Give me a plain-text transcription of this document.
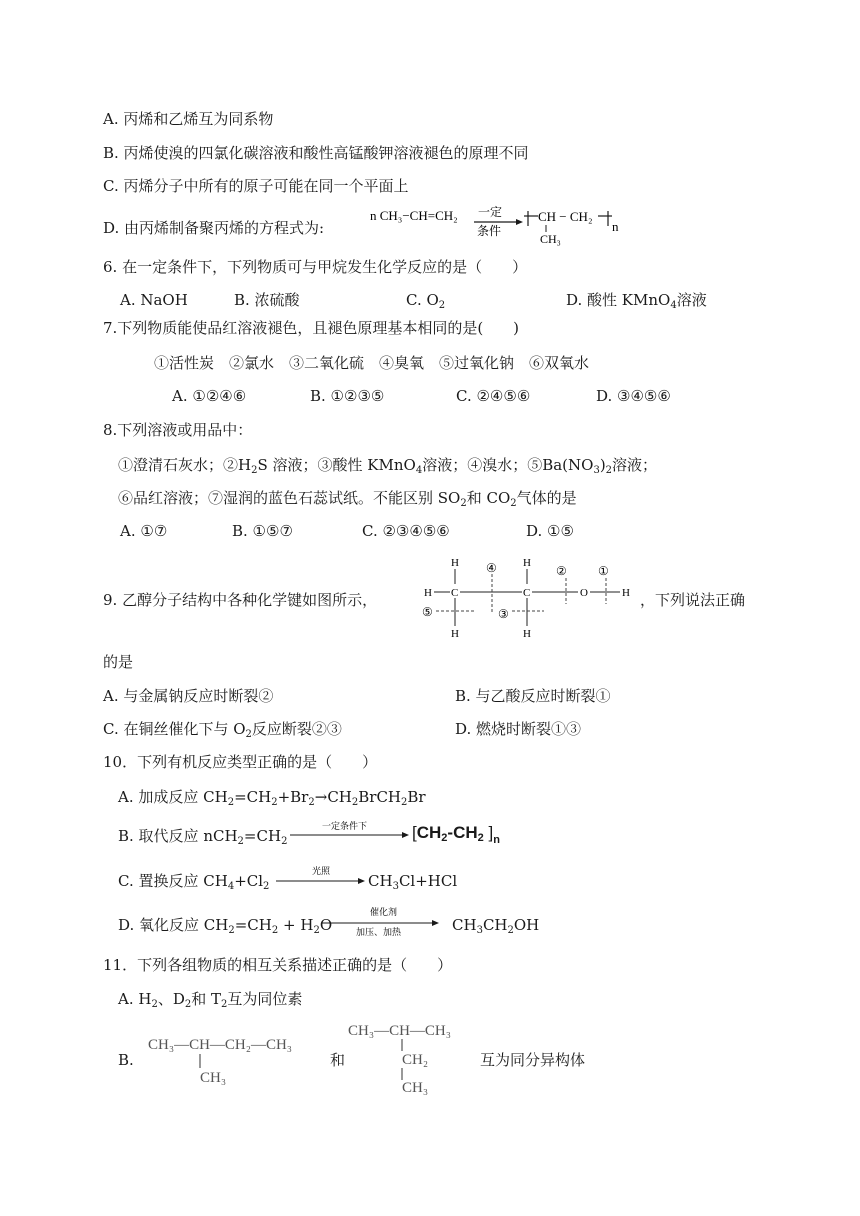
A. 丙烯和乙烯互为同系物
B. 丙烯使溴的四氯化碳溶液和酸性高锰酸钾溶液褪色的原理不同
C. 丙烯分子中所有的原子可能在同一个平面上
D. 由丙烯制备聚丙烯的方程式为:
n CH₃−CH=CH₂ 一定
条件
CH − CH₂
CH₃
n
6. 在一定条件下，下列物质可与甲烷发生化学反应的是（　　）
A. NaOH	B. 浓硫酸	C. $O_2$	D. 酸性 KMnO$_4$溶液
7.下列物质能使品红溶液褪色，且褪色原理基本相同的是(　　)
①活性炭　②氯水　③二氧化硫　④臭氧　⑤过氧化钠　⑥双氧水
A. ①②④⑥	B. ①②③⑤	C. ②④⑤⑥	D. ③④⑤⑥
8.下列溶液或用品中：
①澄清石灰水；$②H_2S$ 溶液；③酸性 KMnO$_4$溶液；④溴水；$⑤Ba(NO_3)_2$溶液；
⑥品红溶液；⑦湿润的蓝色石蕊试纸。不能区别 $SO_2$和 $CO_2$气体的是
A. ①⑦	B. ①⑤⑦	C. ②③④⑤⑥	D. ①⑤
9. 乙醇分子结构中各种化学键如图所示，
H	H
④	②	①
H C	C	O	H
⑤	③
H	H
，下列说法正确
的是
A. 与金属钠反应时断裂②	B. 与乙酸反应时断裂①
C. 在铜丝催化下与 $O_2$反应断裂②③	D. 燃烧时断裂①③
10．下列有机反应类型正确的是（　　）
A. 加成反应 $CH_2=CH_2+Br_2\to CH_2BrCH_2Br$
B. 取代反应 $nCH_2=CH_2$
一定条件下	[$CH_2-CH_2$ ]$_n$
C. 置换反应 $CH_4+Cl_2$
光照
$CH_3Cl+HCl$
D. 氧化反应 $CH_2=CH_2 + H_2O$
催化剂
加压、加热	$CH_3CH_2OH$
11．下列各组物质的相互关系描述正确的是（　　）
A. $H_2$、$D_2$和 $T_2$互为同位素
B.
CH₃—CH—CH₂—CH₃
CH₃
和
CH₃—CH—CH₃
CH₂
CH₃
互为同分异构体
